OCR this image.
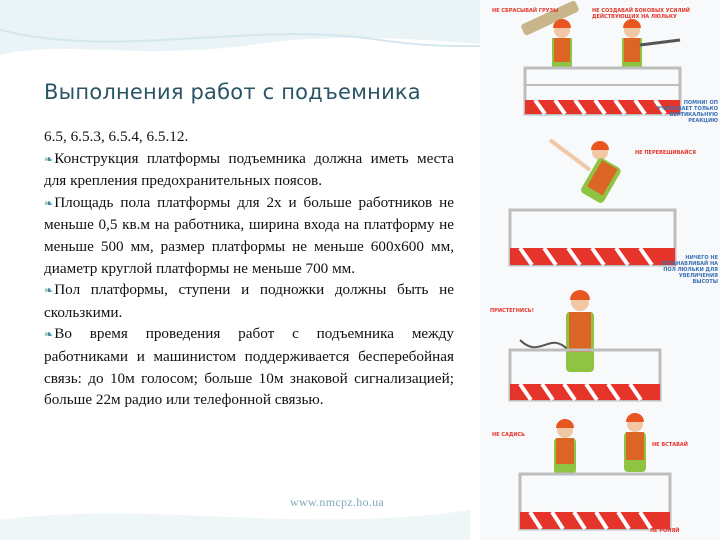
Выполнения работ с подъемника

6.5, 6.5.3, 6.5.4, 6.5.12.

❧Конструкция платформы подъемника должна иметь места для крепления предохранительных поясов.

❧Площадь пола платформы для 2х и больше работников не меньше 0,5 кв.м на работника, ширина входа на платформу не меньше 500 мм, размер платформы не меньше 600х600 мм, диаметр круглой платформы не меньше 700 мм.

❧Пол платформы, ступени и подножки должны быть не скользкими.

❧Во время проведения работ с подъемника между работниками и машинистом поддерживается бесперебойная связь: до 10м голосом; больше 10м знаковой сигнализацией; больше 22м радио или телефонной связью.

www.nmcpz.ho.ua
НЕ СБРАСЫВАЙ ГРУЗЫ	НЕ СОЗДАВАЙ БОКОВЫХ УСИЛИЙ ДЕЙСТВУЮЩИХ НА ЛЮЛЬКУ
ПОМНИ! ОП УЧИТЫВАЕТ ТОЛЬКО ВЕРТИКАЛЬНУЮ РЕАКЦИЮ
НЕ ПЕРЕВЕШИВАЙСЯ
НИЧЕГО НЕ УСТАНАВЛИВАЙ НА ПОЛ ЛЮЛЬКИ ДЛЯ УВЕЛИЧЕНИЯ ВЫСОТЫ
ПРИСТЕГНИСЬ!
НЕ САДИСЬ
НЕ ВСТАВАЙ
НЕ РОНЯЙ
